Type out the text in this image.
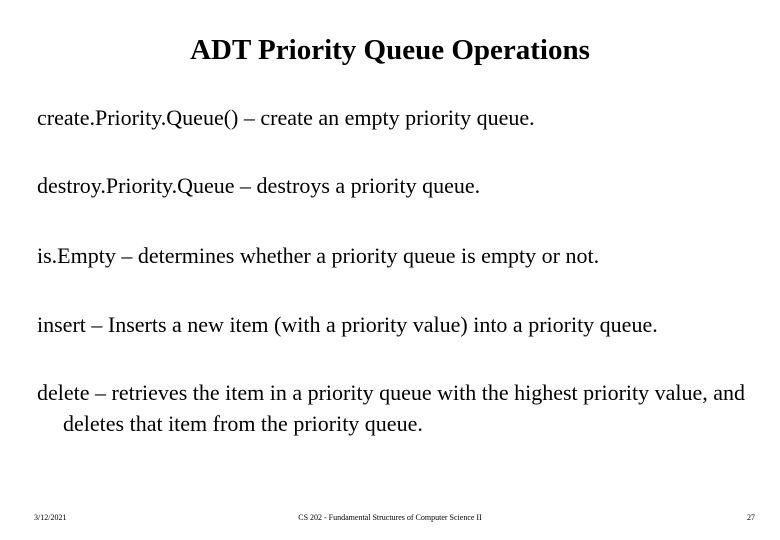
ADT Priority Queue Operations
create.Priority.Queue() – create an empty priority queue.
destroy.Priority.Queue – destroys a priority queue.
is.Empty – determines whether a priority queue is empty or not.
insert – Inserts a new item (with a priority value) into a priority queue.
delete – retrieves the item in a priority queue with the highest priority value, and deletes that item from the priority queue.
3/12/2021	CS 202 - Fundamental Structures of Computer Science II	27
